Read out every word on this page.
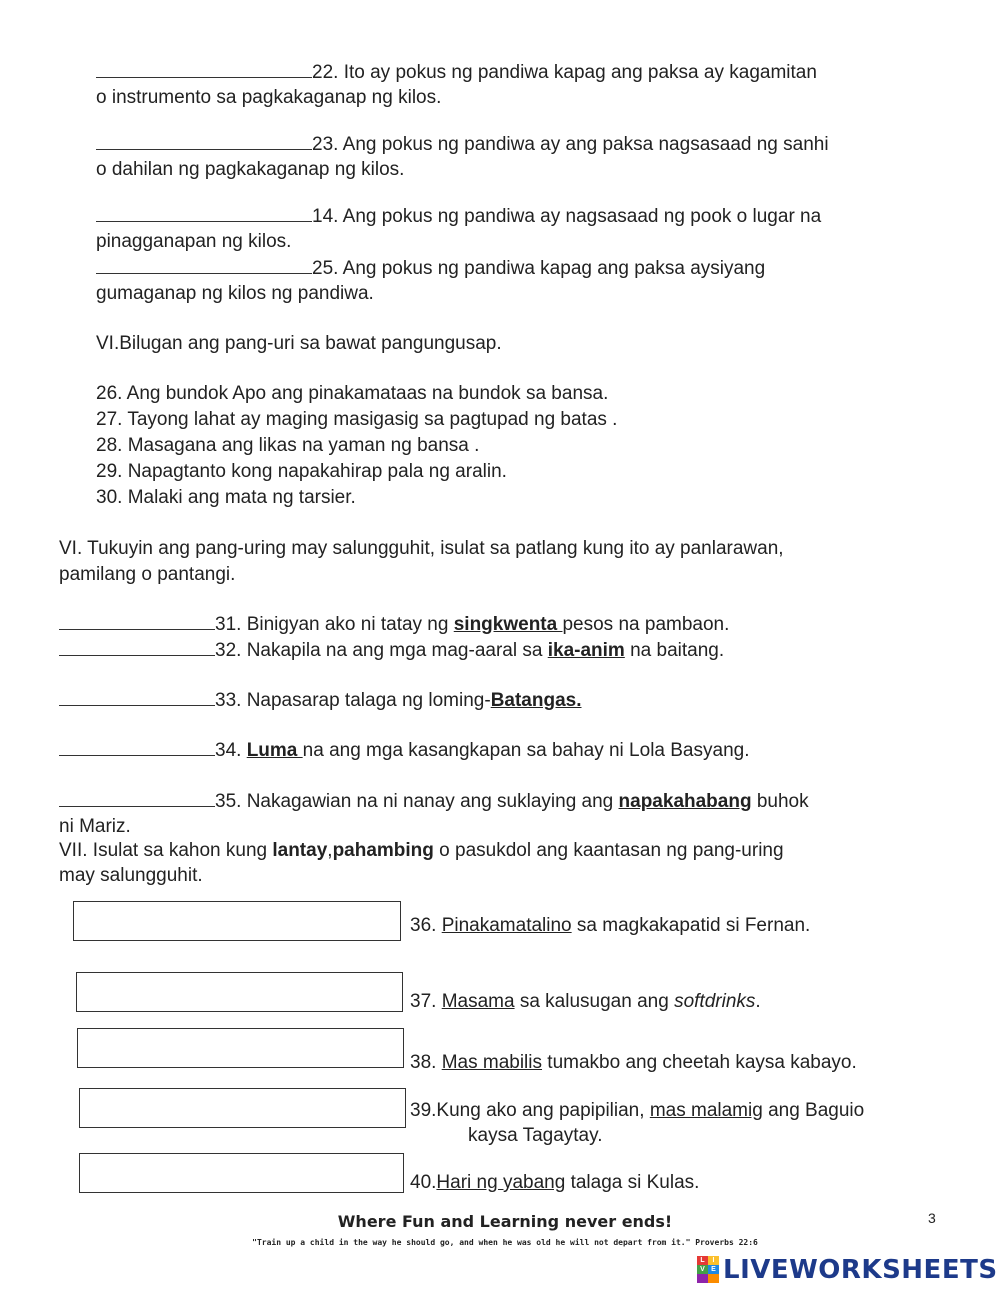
22. Ito ay pokus ng pandiwa kapag ang paksa ay kagamitan
o instrumento sa pagkakaganap ng kilos.
23. Ang pokus ng pandiwa ay ang paksa nagsasaad ng sanhi
o dahilan ng pagkakaganap ng kilos.
14. Ang pokus ng pandiwa ay nagsasaad ng pook o lugar na
pinagganapan ng kilos.
25. Ang pokus ng pandiwa kapag ang paksa aysiyang
gumaganap ng kilos ng pandiwa.
VI.Bilugan ang pang-uri sa bawat pangungusap.
26. Ang bundok Apo ang pinakamataas na bundok sa bansa.
27. Tayong lahat ay maging masigasig sa pagtupad ng batas .
28. Masagana ang likas na yaman ng bansa .
29. Napagtanto kong napakahirap pala ng aralin.
30. Malaki ang mata ng tarsier.
VI. Tukuyin ang pang-uring may salungguhit, isulat sa patlang kung ito ay panlarawan,
pamilang o pantangi.
31. Binigyan ako ni tatay ng singkwenta pesos na pambaon.
32. Nakapila na ang mga mag-aaral sa ika-anim na baitang.
33. Napasarap talaga ng loming-Batangas.
34. Luma na ang mga kasangkapan sa bahay ni Lola Basyang.
35. Nakagawian na ni nanay ang suklaying ang napakahabang buhok
ni Mariz.
VII. Isulat sa kahon kung lantay,pahambing o pasukdol ang kaantasan ng pang-uring
may salungguhit.
36. Pinakamatalino sa magkakapatid si Fernan.
37. Masama sa kalusugan ang softdrinks.
38. Mas mabilis tumakbo ang cheetah kaysa kabayo.
39.Kung ako ang papipilian, mas malamig ang Baguio
kaysa Tagaytay.
40.Hari ng yabang talaga si Kulas.
Where Fun and Learning never ends!
"Train up a child in the way he should go, and when he was old he will not depart from it." Proverbs 22:6
3
L	I
V E LIVEWORKSHEETS
